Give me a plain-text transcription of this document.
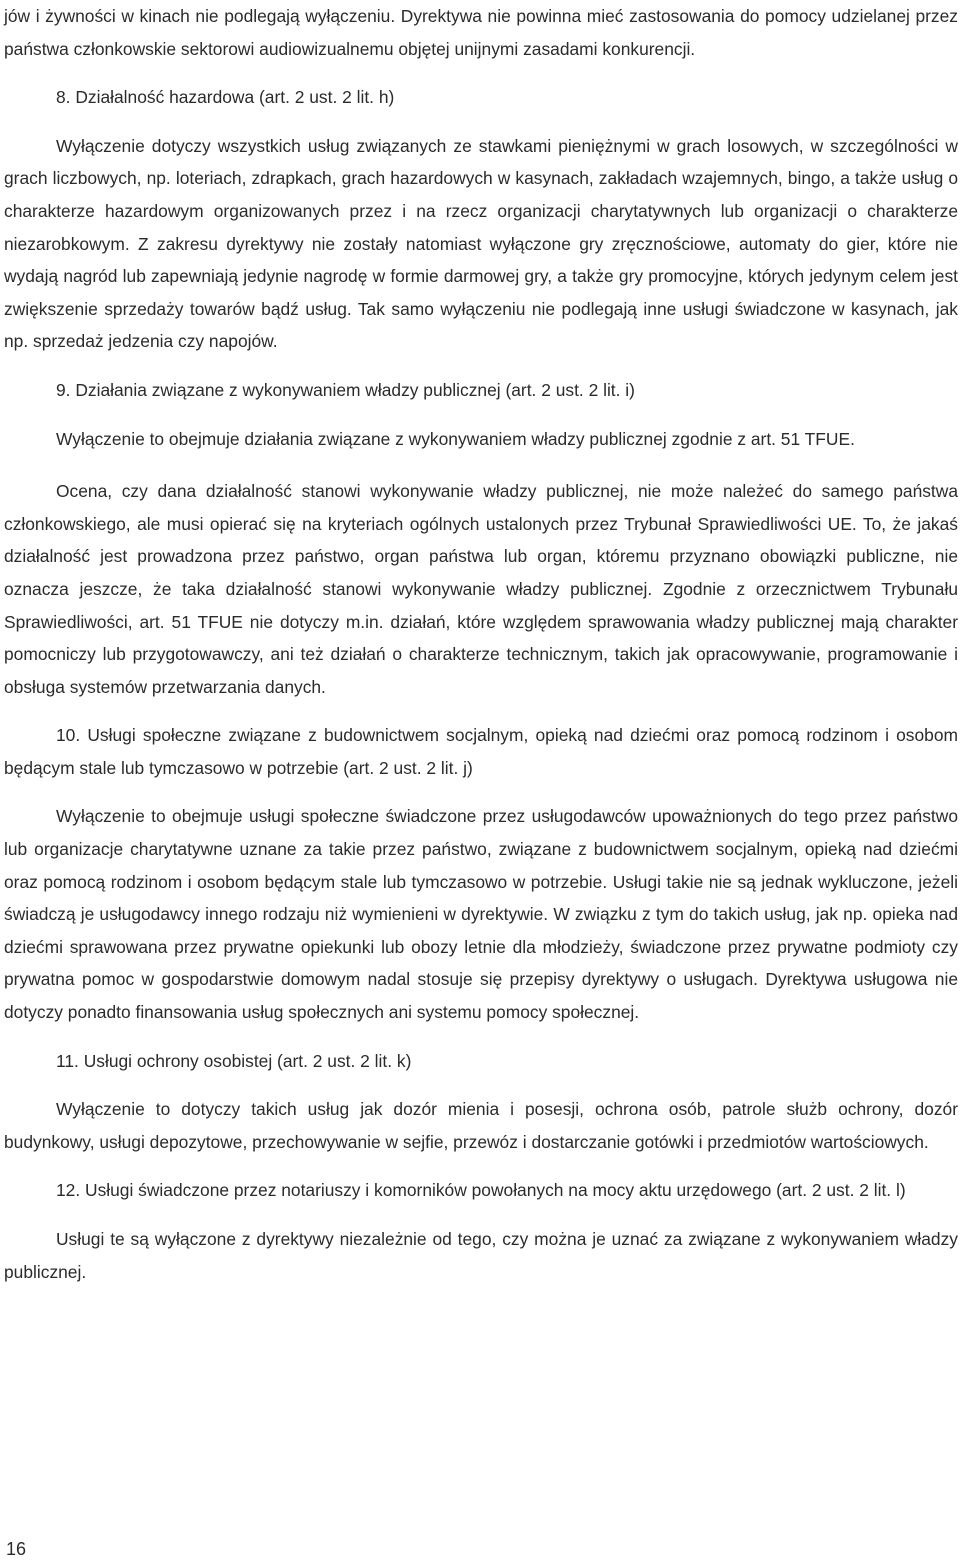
jów i żywności w kinach nie podlegają wyłączeniu. Dyrektywa nie powinna mieć zastosowania do pomocy udzielanej przez państwa członkowskie sektorowi audiowizualnemu objętej unijnymi zasadami konkurencji.

8. Działalność hazardowa (art. 2 ust. 2 lit. h)

Wyłączenie dotyczy wszystkich usług związanych ze stawkami pieniężnymi w grach losowych, w szczególności w grach liczbowych, np. loteriach, zdrapkach, grach hazardowych w kasynach, zakładach wzajemnych, bingo, a także usług o charakterze hazardowym organizowanych przez i na rzecz organizacji charytatywnych lub organizacji o charakterze niezarobkowym. Z zakresu dyrektywy nie zostały natomiast wyłączone gry zręcznościowe, automaty do gier, które nie wydają nagród lub zapewniają jedynie nagrodę w formie darmowej gry, a także gry promocyjne, których jedynym celem jest zwiększenie sprzedaży towarów bądź usług. Tak samo wyłączeniu nie podlegają inne usługi świadczone w kasynach, jak np. sprzedaż jedzenia czy napojów.

9. Działania związane z wykonywaniem władzy publicznej (art. 2 ust. 2 lit. i)

Wyłączenie to obejmuje działania związane z wykonywaniem władzy publicznej zgodnie z art. 51 TFUE.

Ocena, czy dana działalność stanowi wykonywanie władzy publicznej, nie może należeć do samego państwa członkowskiego, ale musi opierać się na kryteriach ogólnych ustalonych przez Trybunał Sprawiedliwości UE. To, że jakaś działalność jest prowadzona przez państwo, organ państwa lub organ, któremu przyznano obowiązki publiczne, nie oznacza jeszcze, że taka działalność stanowi wykonywanie władzy publicznej. Zgodnie z orzecznictwem Trybunału Sprawiedliwości, art. 51 TFUE nie dotyczy m.in. działań, które względem sprawowania władzy publicznej mają charakter pomocniczy lub przygotowawczy, ani też działań o charakterze technicznym, takich jak opracowywanie, programowanie i obsługa systemów przetwarzania danych.

10. Usługi społeczne związane z budownictwem socjalnym, opieką nad dziećmi oraz pomocą rodzinom i osobom będącym stale lub tymczasowo w potrzebie (art. 2 ust. 2 lit. j)

Wyłączenie to obejmuje usługi społeczne świadczone przez usługodawców upoważnionych do tego przez państwo lub organizacje charytatywne uznane za takie przez państwo, związane z budownictwem socjalnym, opieką nad dziećmi oraz pomocą rodzinom i osobom będącym stale lub tymczasowo w potrzebie. Usługi takie nie są jednak wykluczone, jeżeli świadczą je usługodawcy innego rodzaju niż wymienieni w dyrektywie. W związku z tym do takich usług, jak np. opieka nad dziećmi sprawowana przez prywatne opiekunki lub obozy letnie dla młodzieży, świadczone przez prywatne podmioty czy prywatna pomoc w gospodarstwie domowym nadal stosuje się przepisy dyrektywy o usługach. Dyrektywa usługowa nie dotyczy ponadto finansowania usług społecznych ani systemu pomocy społecznej.

11. Usługi ochrony osobistej (art. 2 ust. 2 lit. k)

Wyłączenie to dotyczy takich usług jak dozór mienia i posesji, ochrona osób, patrole służb ochrony, dozór budynkowy, usługi depozytowe, przechowywanie w sejfie, przewóz i dostarczanie gotówki i przedmiotów wartościowych.

12. Usługi świadczone przez notariuszy i komorników powołanych na mocy aktu urzędowego (art. 2 ust. 2 lit. l)

Usługi te są wyłączone z dyrektywy niezależnie od tego, czy można je uznać za związane z wykonywaniem władzy publicznej.

16
